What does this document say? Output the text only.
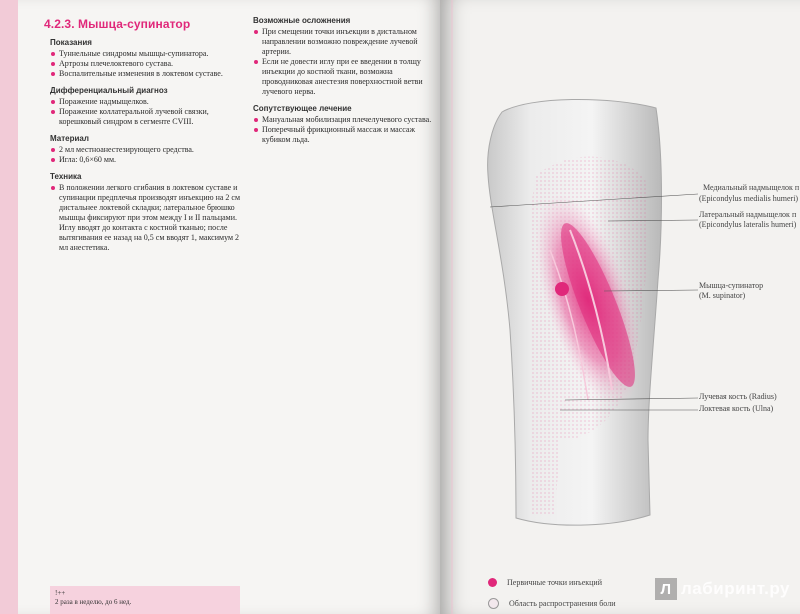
4.2.3. Мышца-супинатор
Показания
Туннельные синдромы мышцы-супинатора.
Артрозы плечелоктевого сустава.
Воспалительные изменения в локтевом суставе.
Дифференциальный диагноз
Поражение надмыщелков.
Поражение коллатеральной лучевой связки, корешковый синдром в сегменте CVIII.
Материал
2 мл местноанестезирующего средства.
Игла: 0,6×60 мм.
Техника
В положении легкого сгибания в локтевом суставе и супинации предплечья производят инъекцию на 2 см дистальнее локтевой складки; латеральное брюшко мышцы фиксируют при этом между I и II пальцами. Иглу вводят до контакта с костной тканью; после вытягивания ее назад на 0,5 см вводят 1, максимум 2 мл анестетика.
Возможные осложнения
При смещении точки инъекции в дистальном направлении возможно повреждение лучевой артерии.
Если не довести иглу при ее введении в толщу инъекции до костной ткани, возможна проводниковая анестезия поверхностной ветви лучевого нерва.
Сопутствующее лечение
Мануальная мобилизация плечелучевого сустава.
Поперечный фрикционный массаж и массаж кубиком льда.
!++
2 раза в неделю, до 6 нед.
Медиальный надмыщелок п
(Epicondylus medialis humeri)
Латеральный надмыщелок п
(Epicondylus lateralis humeri)
Мышца-супинатор
(M. supinator)
Лучевая кость (Radius)
Локтевая кость (Ulna)
Первичные точки инъекций
Область распространения боли
Л лабиринт.ру
